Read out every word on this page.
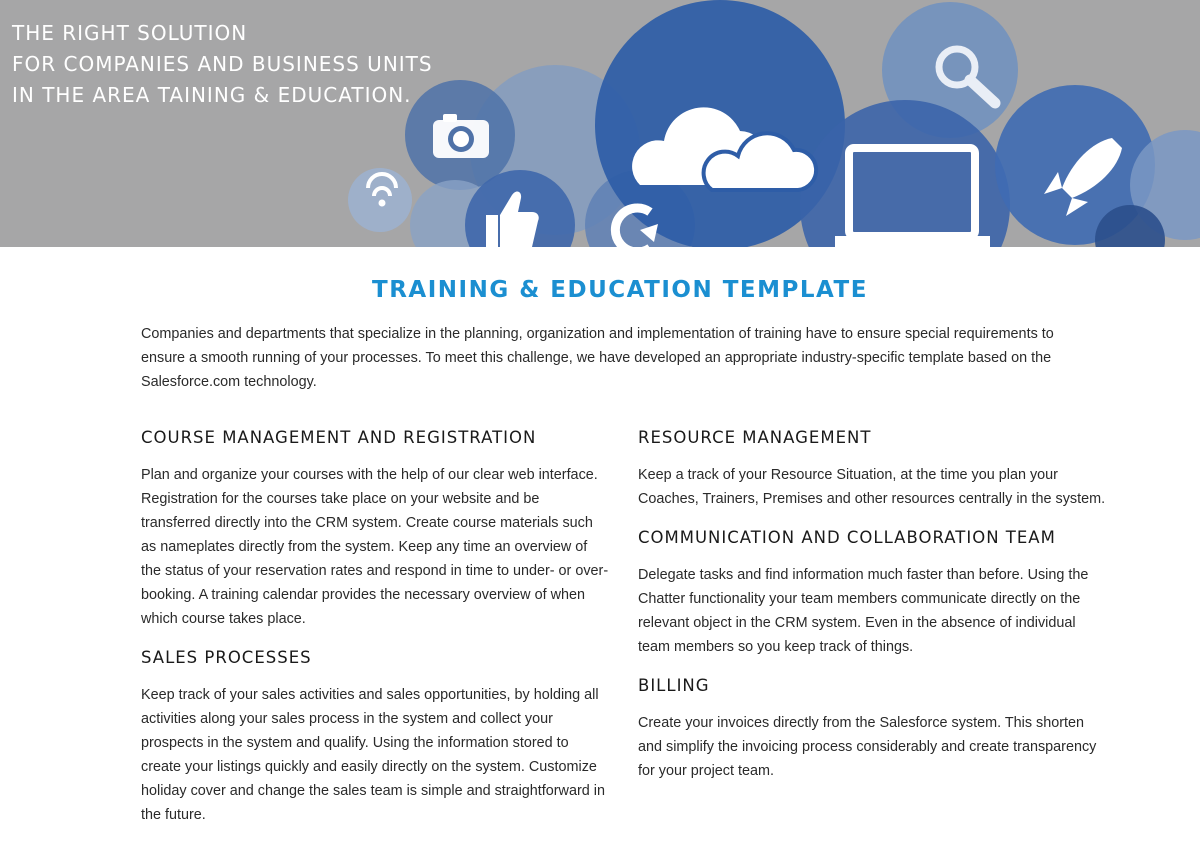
THE RIGHT SOLUTION
FOR COMPANIES AND BUSINESS UNITS
IN THE AREA TAINING & EDUCATION.
TRAINING & EDUCATION TEMPLATE

Companies and departments that specialize in the planning, organization and implementation of training have to ensure special requirements to ensure a smooth running of your processes. To meet this challenge, we have developed an appropriate industry-specific template based on the Salesforce.com technology.

COURSE MANAGEMENT AND REGISTRATION

Plan and organize your courses with the help of our clear web interface. Registration for the courses take place on your website and be transferred directly into the CRM system. Create course materials such as nameplates directly from the system. Keep any time an overview of the status of your reservation rates and respond in time to under- or over-booking. A training calendar provides the necessary overview of when which course takes place.

SALES PROCESSES

Keep track of your sales activities and sales opportunities, by holding all activities along your sales process in the system and collect your prospects in the system and qualify. Using the information stored to create your listings quickly and easily directly on the system. Customize holiday cover and change the sales team is simple and straightforward in the future.

RESOURCE MANAGEMENT

Keep a track of your Resource Situation, at the time you plan your Coaches, Trainers, Premises and other resources centrally in the system.

COMMUNICATION AND COLLABORATION TEAM

Delegate tasks and find information much faster than before. Using the Chatter functionality your team members communicate directly on the relevant object in the CRM system. Even in the absence of individual team members so you keep track of things.

BILLING

Create your invoices directly from the Salesforce system. This shorten and simplify the invoicing process considerably and create transparency for your project team.
